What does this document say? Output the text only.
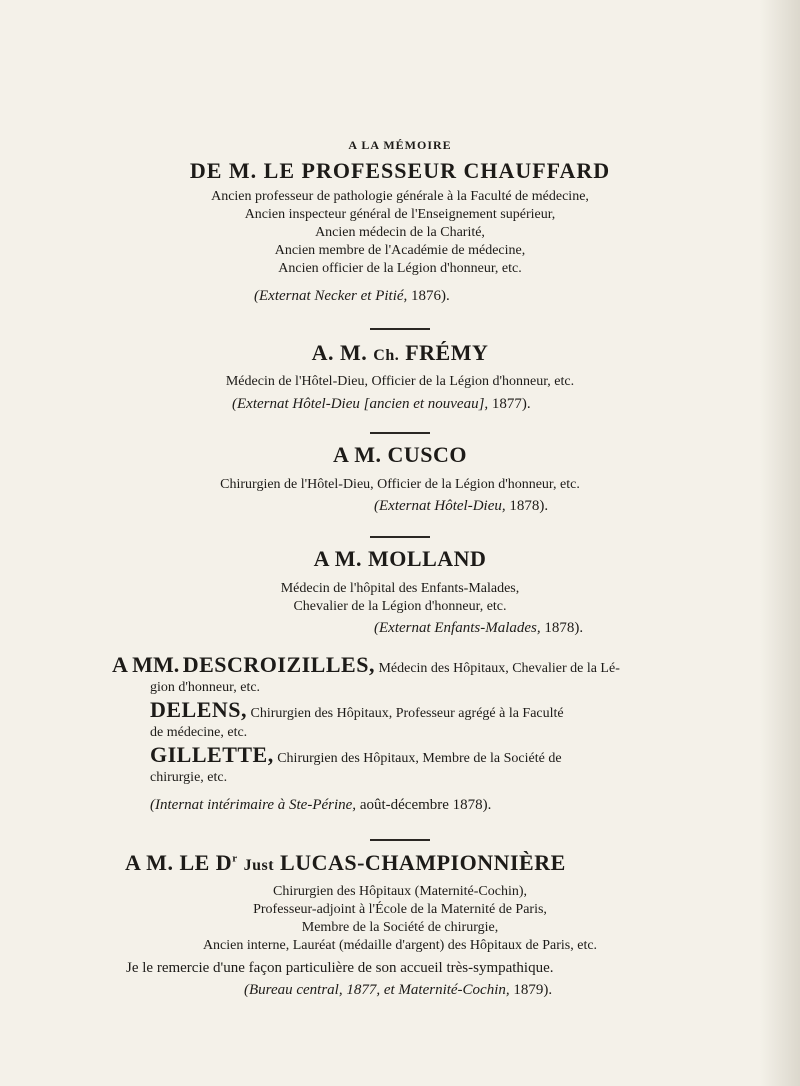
A LA MÉMOIRE
DE M. LE PROFESSEUR CHAUFFARD
Ancien professeur de pathologie générale à la Faculté de médecine,
Ancien inspecteur général de l'Enseignement supérieur,
Ancien médecin de la Charité,
Ancien membre de l'Académie de médecine,
Ancien officier de la Légion d'honneur, etc.
(Externat Necker et Pitié, 1876).
A. M. Ch. FRÉMY
Médecin de l'Hôtel-Dieu, Officier de la Légion d'honneur, etc.
(Externat Hôtel-Dieu [ancien et nouveau], 1877).
A M. CUSCO
Chirurgien de l'Hôtel-Dieu, Officier de la Légion d'honneur, etc.
(Externat Hôtel-Dieu, 1878).
A M. MOLLAND
Médecin de l'hôpital des Enfants-Malades,
Chevalier de la Légion d'honneur, etc.
(Externat Enfants-Malades, 1878).
A MM. DESCROIZILLES, Médecin des Hôpitaux, Chevalier de la Lé-
gion d'honneur, etc.
DELENS, Chirurgien des Hôpitaux, Professeur agrégé à la Faculté
de médecine, etc.
GILLETTE, Chirurgien des Hôpitaux, Membre de la Société de
chirurgie, etc.
(Internat intérimaire à Ste-Périne, août-décembre 1878).
A M. LE $D^r$ Just LUCAS-CHAMPIONNIÈRE
Chirurgien des Hôpitaux (Maternité-Cochin),
Professeur-adjoint à l'École de la Maternité de Paris,
Membre de la Société de chirurgie,
Ancien interne, Lauréat (médaille d'argent) des Hôpitaux de Paris, etc.
Je le remercie d'une façon particulière de son accueil très-sympathique.
(Bureau central, 1877, et Maternité-Cochin, 1879).
